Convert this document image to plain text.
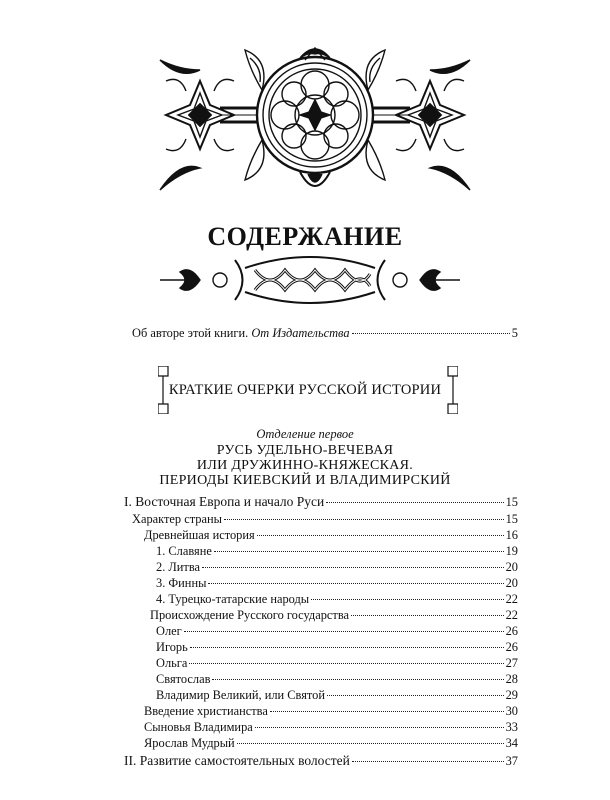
СОДЕРЖАНИЕ
Об авторе этой книги. От Издательства	5
КРАТКИЕ ОЧЕРКИ РУССКОЙ ИСТОРИИ
Отделение первое
РУСЬ УДЕЛЬНО-ВЕЧЕВАЯ
ИЛИ ДРУЖИННО-КНЯЖЕСКАЯ.
ПЕРИОДЫ КИЕВСКИЙ И ВЛАДИМИРСКИЙ
I. Восточная Европа и начало Руси	15
Характер страны	15
Древнейшая история	16
1. Славяне	19
2. Литва	20
3. Финны	20
4. Турецко-татарские народы	22
Происхождение Русского государства	22
Олег	26
Игорь	26
Ольга	27
Святослав	28
Владимир Великий, или Святой	29
Введение христианства	30
Сыновья Владимира	33
Ярослав Мудрый	34
II. Развитие самостоятельных волостей	37
